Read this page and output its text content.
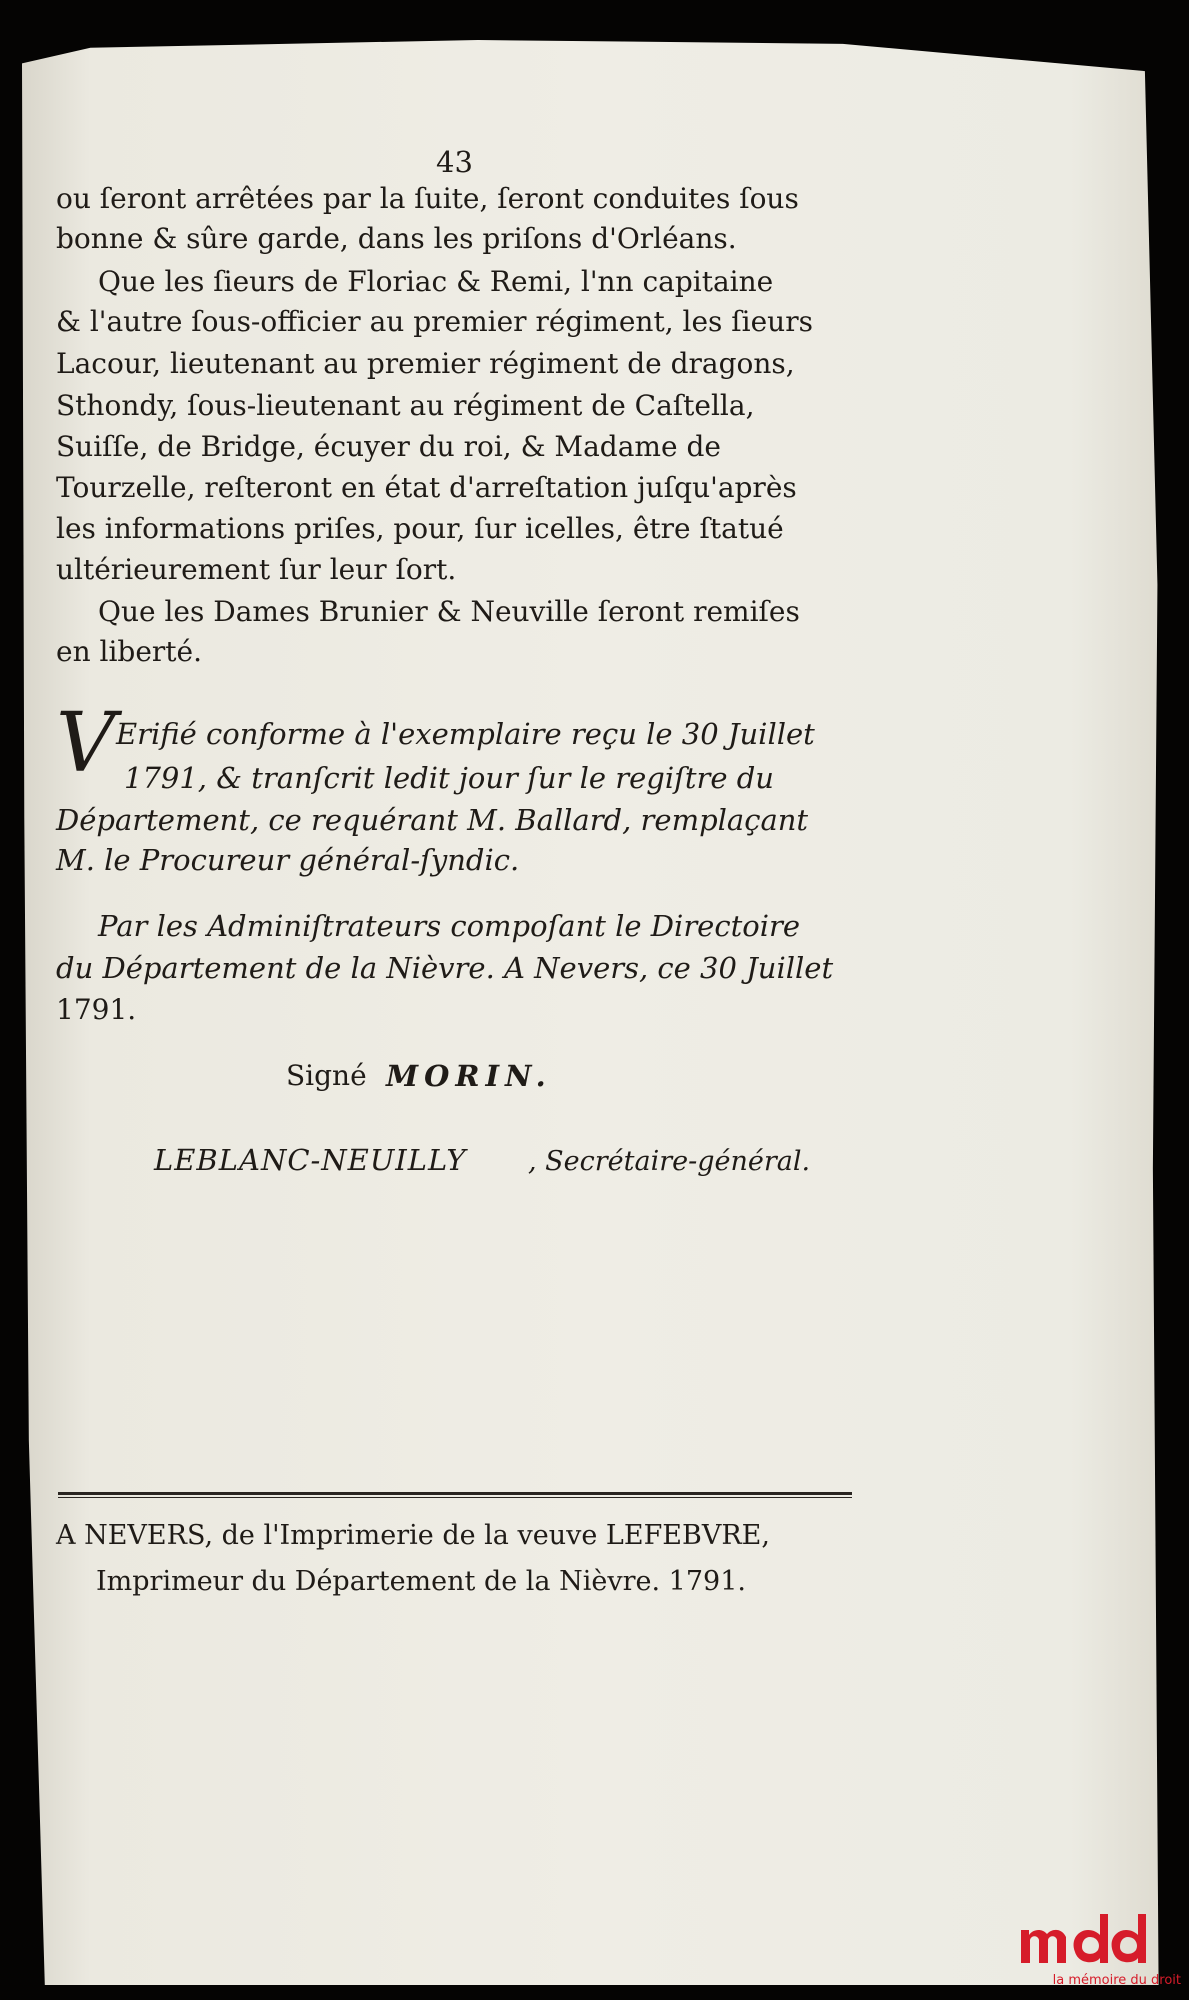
43
ou ſeront arrêtées par la ſuite, ſeront conduites ſous
bonne & sûre garde, dans les priſons d'Orléans.
Que les ſieurs de Floriac & Remi, l'nn capitaine
& l'autre ſous-officier au premier régiment, les ſieurs
Lacour, lieutenant au premier régiment de dragons,
Sthondy, ſous-lieutenant au régiment de Caſtella,
Suiſſe, de Bridge, écuyer du roi, & Madame de
Tourzelle, reſteront en état d'arreſtation juſqu'après
les informations priſes, pour, ſur icelles, être ſtatué
ultérieurement ſur leur ſort.
Que les Dames Brunier & Neuville ſeront remiſes
en liberté.
V Erifié conforme à l'exemplaire reçu le 30 Juillet
1791, & tranſcrit ledit jour ſur le regiſtre du
Département, ce requérant M. Ballard, remplaçant
M. le Procureur général-ſyndic.
Par les Adminiſtrateurs compoſant le Directoire
du Département de la Nièvre. A Nevers, ce 30 Juillet
1791.
Signé MORIN.
LEBLANC-NEUILLY , Secrétaire-général.
A NEVERS, de l'Imprimerie de la veuve LEFEBVRE,
Imprimeur du Département de la Nièvre. 1791.
la mémoire du droit
